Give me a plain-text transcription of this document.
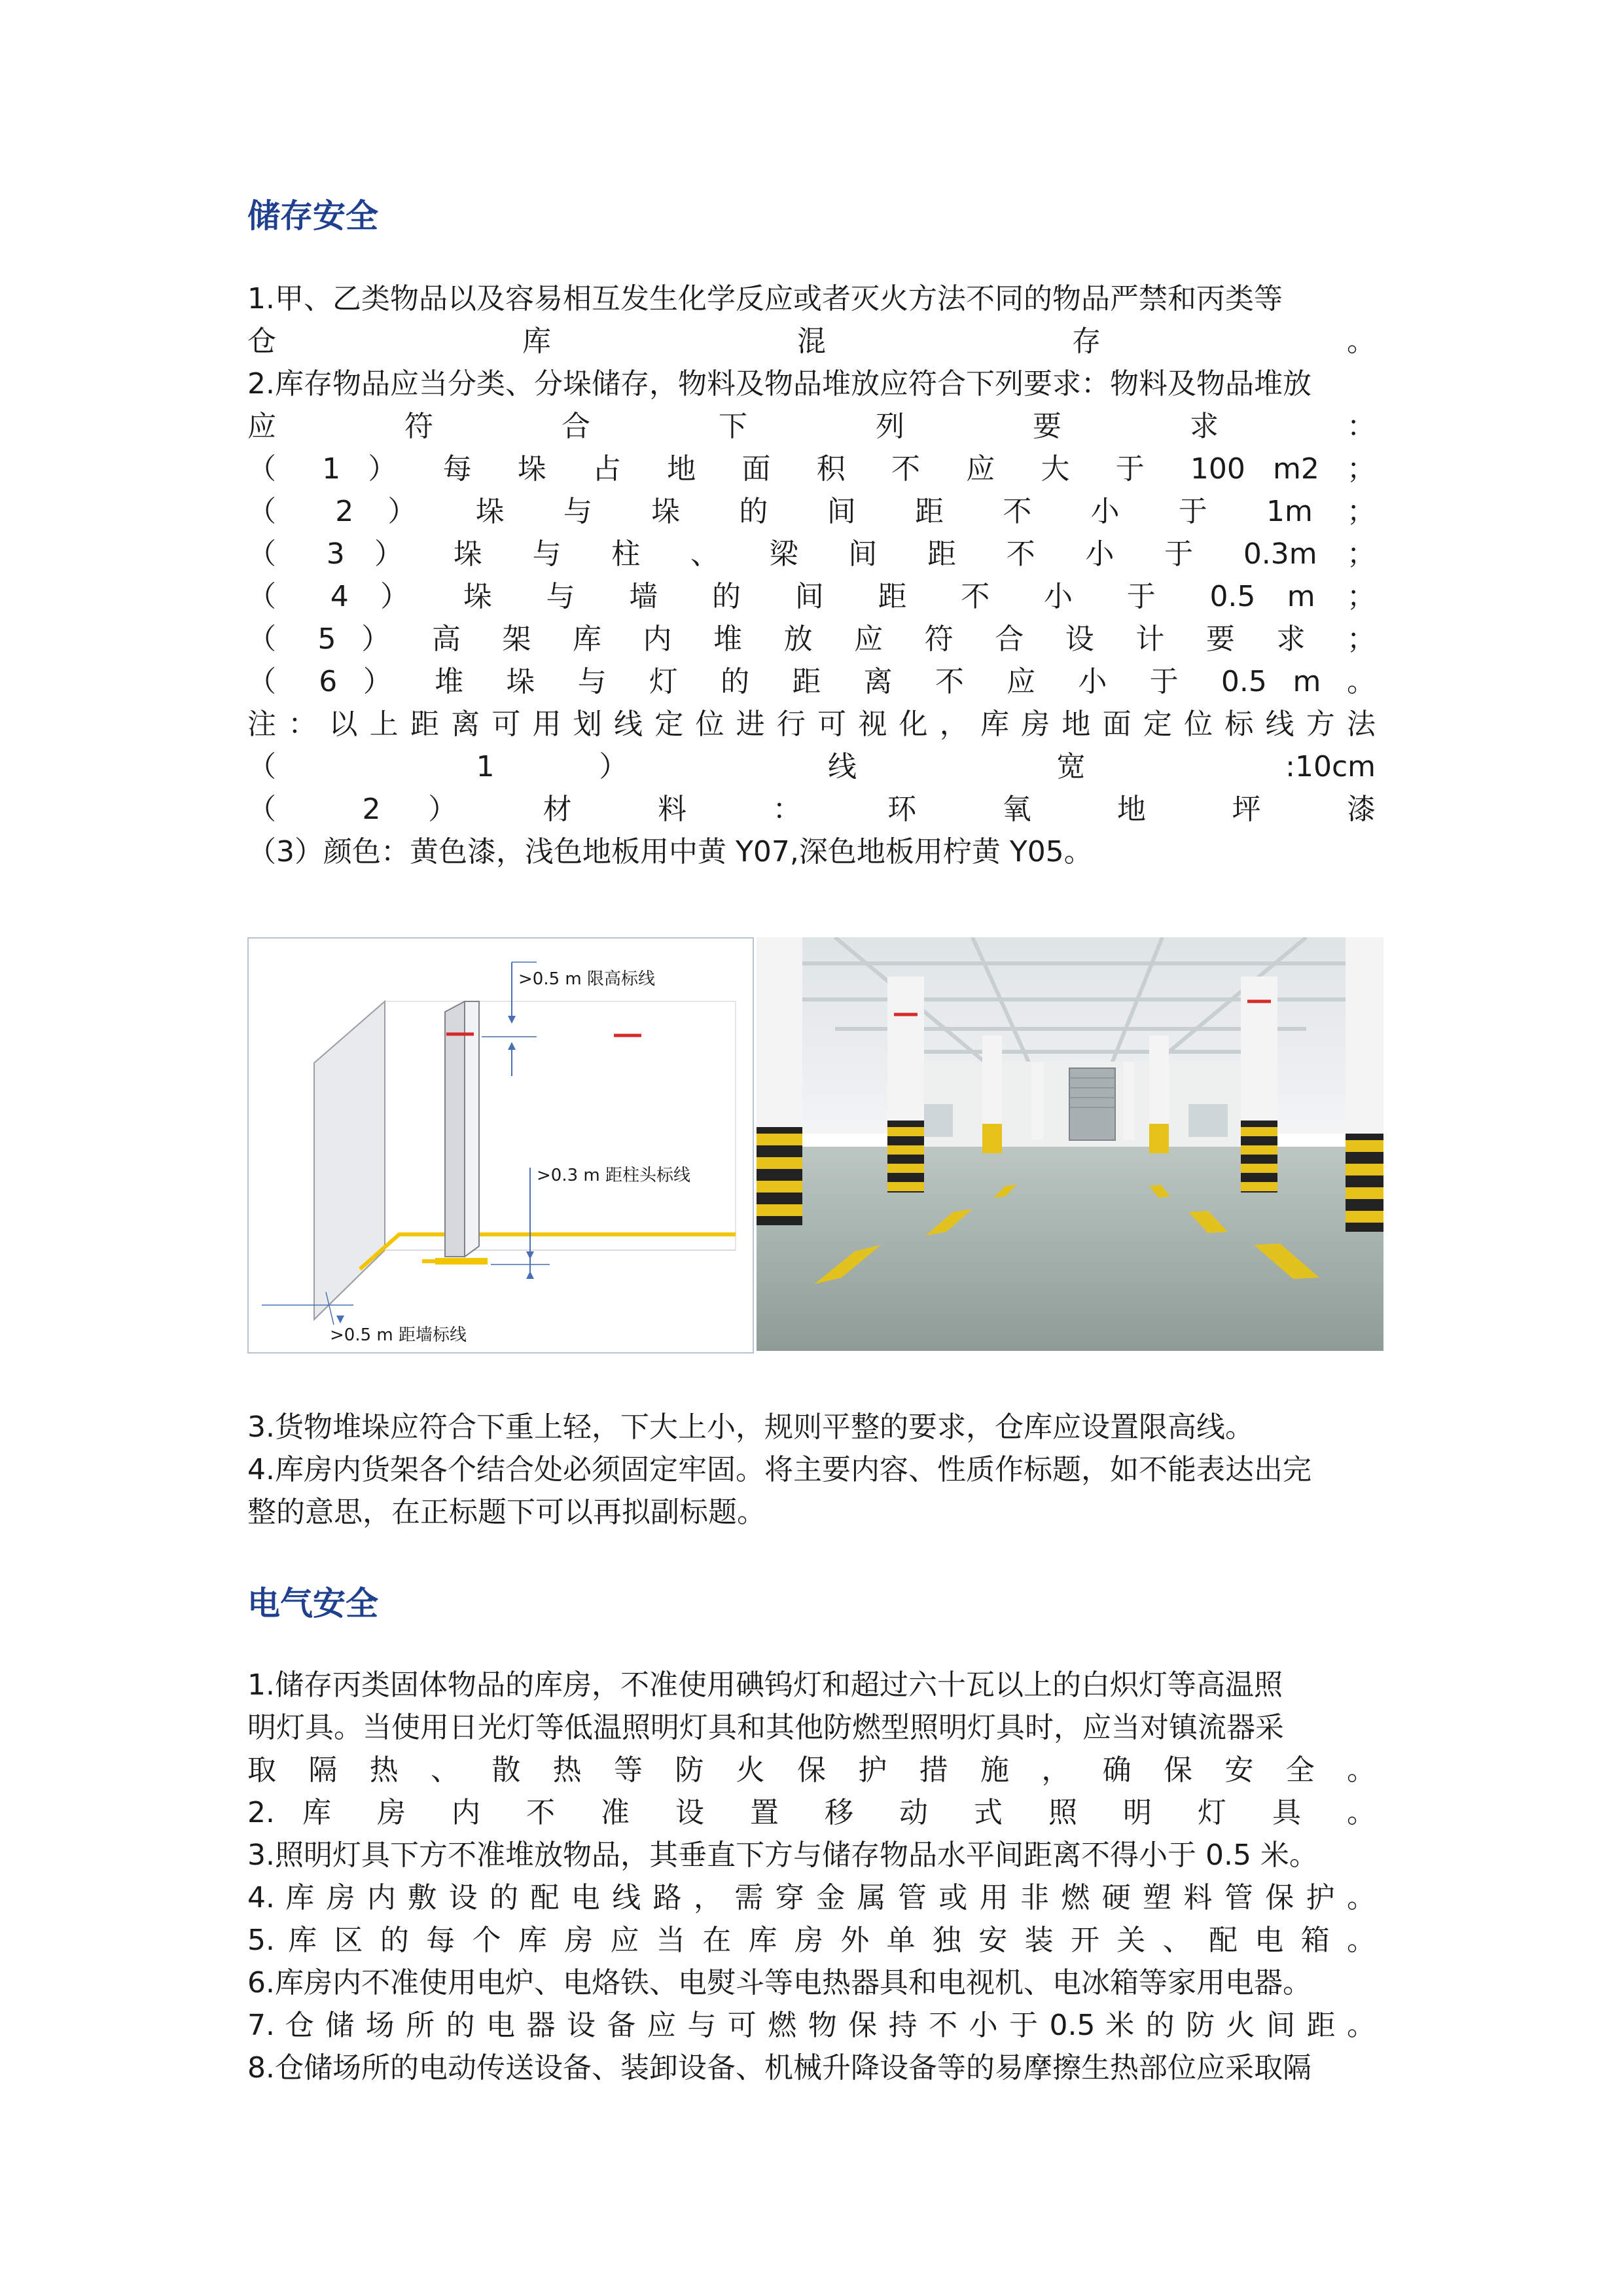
储存安全
1.甲、乙类物品以及容易相互发生化学反应或者灭火方法不同的物品严禁和丙类等
仓　库　混　存　。
2.库存物品应当分类、分垛储存，物料及物品堆放应符合下列要求：物料及物品堆放
应　符　合　下　列　要　求　：
（ 1 ） 每 垛 占 地 面 积 不 应 大 于 100 m2 ；
（ 2 ） 垛 与 垛 的 间 距 不 小 于 1m ；
（ 3 ） 垛 与 柱 、 梁 间 距 不 小 于 0.3m ；
（ 4 ） 垛 与 墙 的 间 距 不 小 于 0.5 m ；
（ 5 ） 高 架 库 内 堆 放 应 符 合 设 计 要 求 ；
（ 6 ） 堆 垛 与 灯 的 距 离 不 应 小 于 0.5 m 。
注 ： 以 上 距 离 可 用 划 线 定 位 进 行 可 视 化 ， 库 房 地 面 定 位 标 线 方 法
（ 1 ） 线 宽 :10cm
（ 2 ） 材 料 ： 环 氧 地 坪 漆
（3）颜色：黄色漆，浅色地板用中黄 Y07,深色地板用柠黄 Y05。
>0.5 m 限高标线
>0.3 m 距柱头标线
>0.5 m 距墙标线
3.货物堆垛应符合下重上轻，下大上小，规则平整的要求，仓库应设置限高线。
4.库房内货架各个结合处必须固定牢固。将主要内容、性质作标题，如不能表达出完
整的意思，在正标题下可以再拟副标题。
电气安全
1.储存丙类固体物品的库房，不准使用碘钨灯和超过六十瓦以上的白炽灯等高温照
明灯具。当使用日光灯等低温照明灯具和其他防燃型照明灯具时，应当对镇流器采
取 隔 热 、 散 热 等 防 火 保 护 措 施 ， 确 保 安 全 。
2. 库 房 内 不 准 设 置 移 动 式 照 明 灯 具 。
3.照明灯具下方不准堆放物品，其垂直下方与储存物品水平间距离不得小于 0.5 米。
4. 库 房 内 敷 设 的 配 电 线 路 ， 需 穿 金 属 管 或 用 非 燃 硬 塑 料 管 保 护 。
5. 库 区 的 每 个 库 房 应 当 在 库 房 外 单 独 安 装 开 关 、 配 电 箱 。
6.库房内不准使用电炉、电烙铁、电熨斗等电热器具和电视机、电冰箱等家用电器。
7. 仓 储 场 所 的 电 器 设 备 应 与 可 燃 物 保 持 不 小 于 0.5 米 的 防 火 间 距 。
8.仓储场所的电动传送设备、装卸设备、机械升降设备等的易摩擦生热部位应采取隔
